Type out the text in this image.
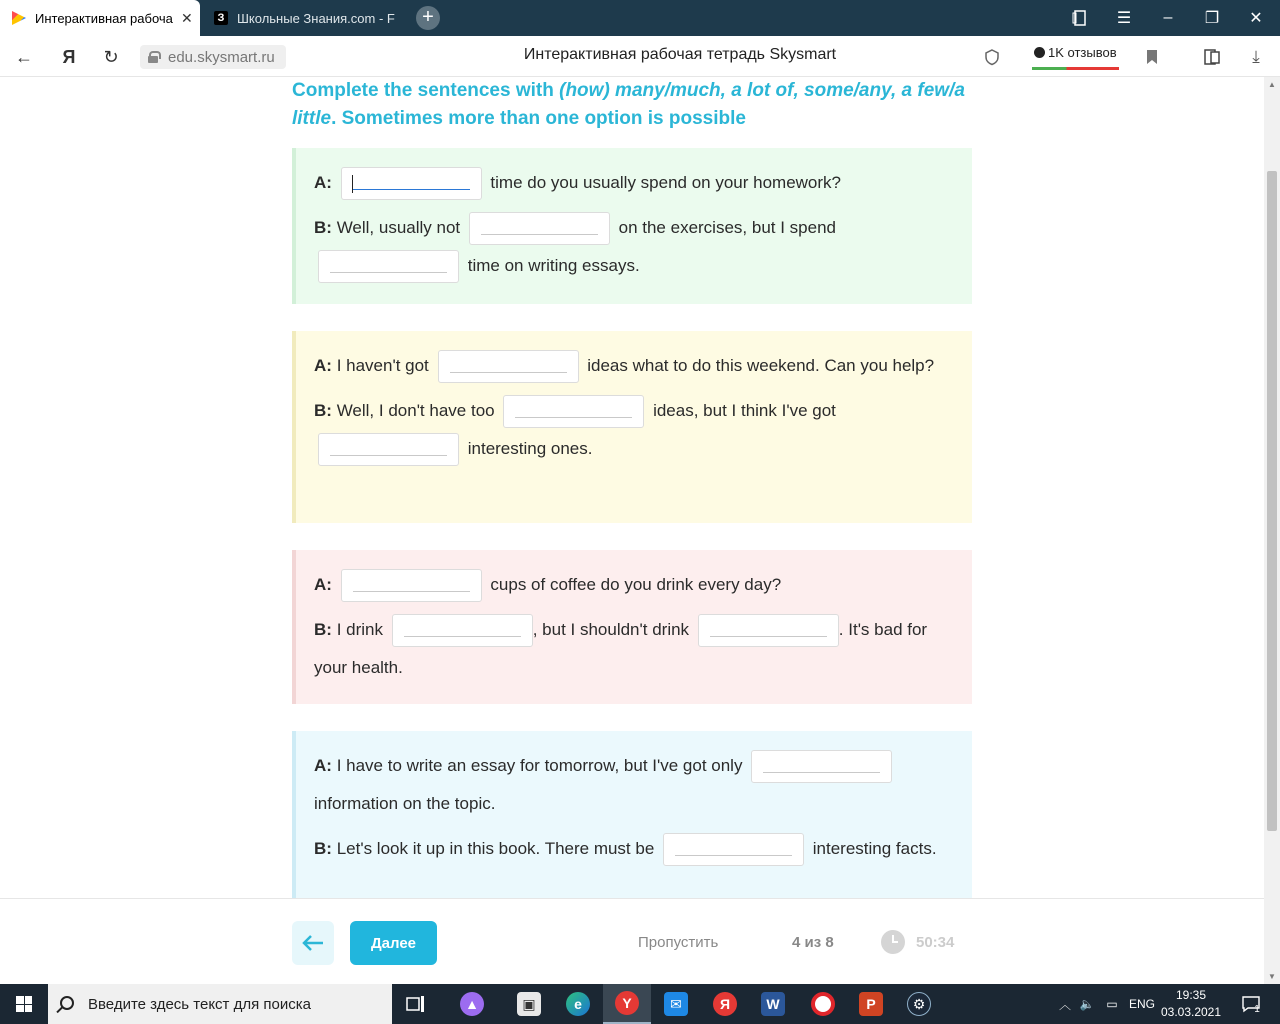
Интерактивная рабоча ✕	З Школьные Знания.com - F	+	☰	–	❐	✕
←	Я	↻	edu.skysmart.ru	Интерактивная рабочая тетрадь Skysmart	1K отзывов	⤓
Complete the sentences with (how) many/much, a lot of, some/any, a few/a little. Sometimes more than one option is possible
A:	time do you usually spend on your homework?
B: Well, usually not	on the exercises, but I spend  time on writing essays.
A: I haven't got	ideas what to do this weekend. Can you help?
B: Well, I don't have too	ideas, but I think I've got  interesting ones.
A:	cups of coffee do you drink every day?
B: I drink	, but I shouldn't drink	. It's bad for your health.
A: I have to write an essay for tomorrow, but I've got only  information on the topic.
B: Let's look it up in this book. There must be	interesting facts.
▲
▼
Далее	Пропустить	4 из 8	50:34
Введите здесь текст для поиска	▲	▣	e	Y	✉	Я	W	P	⚙	︿ 🔈 ▭ ENG
19:35
03.03.2021	1
